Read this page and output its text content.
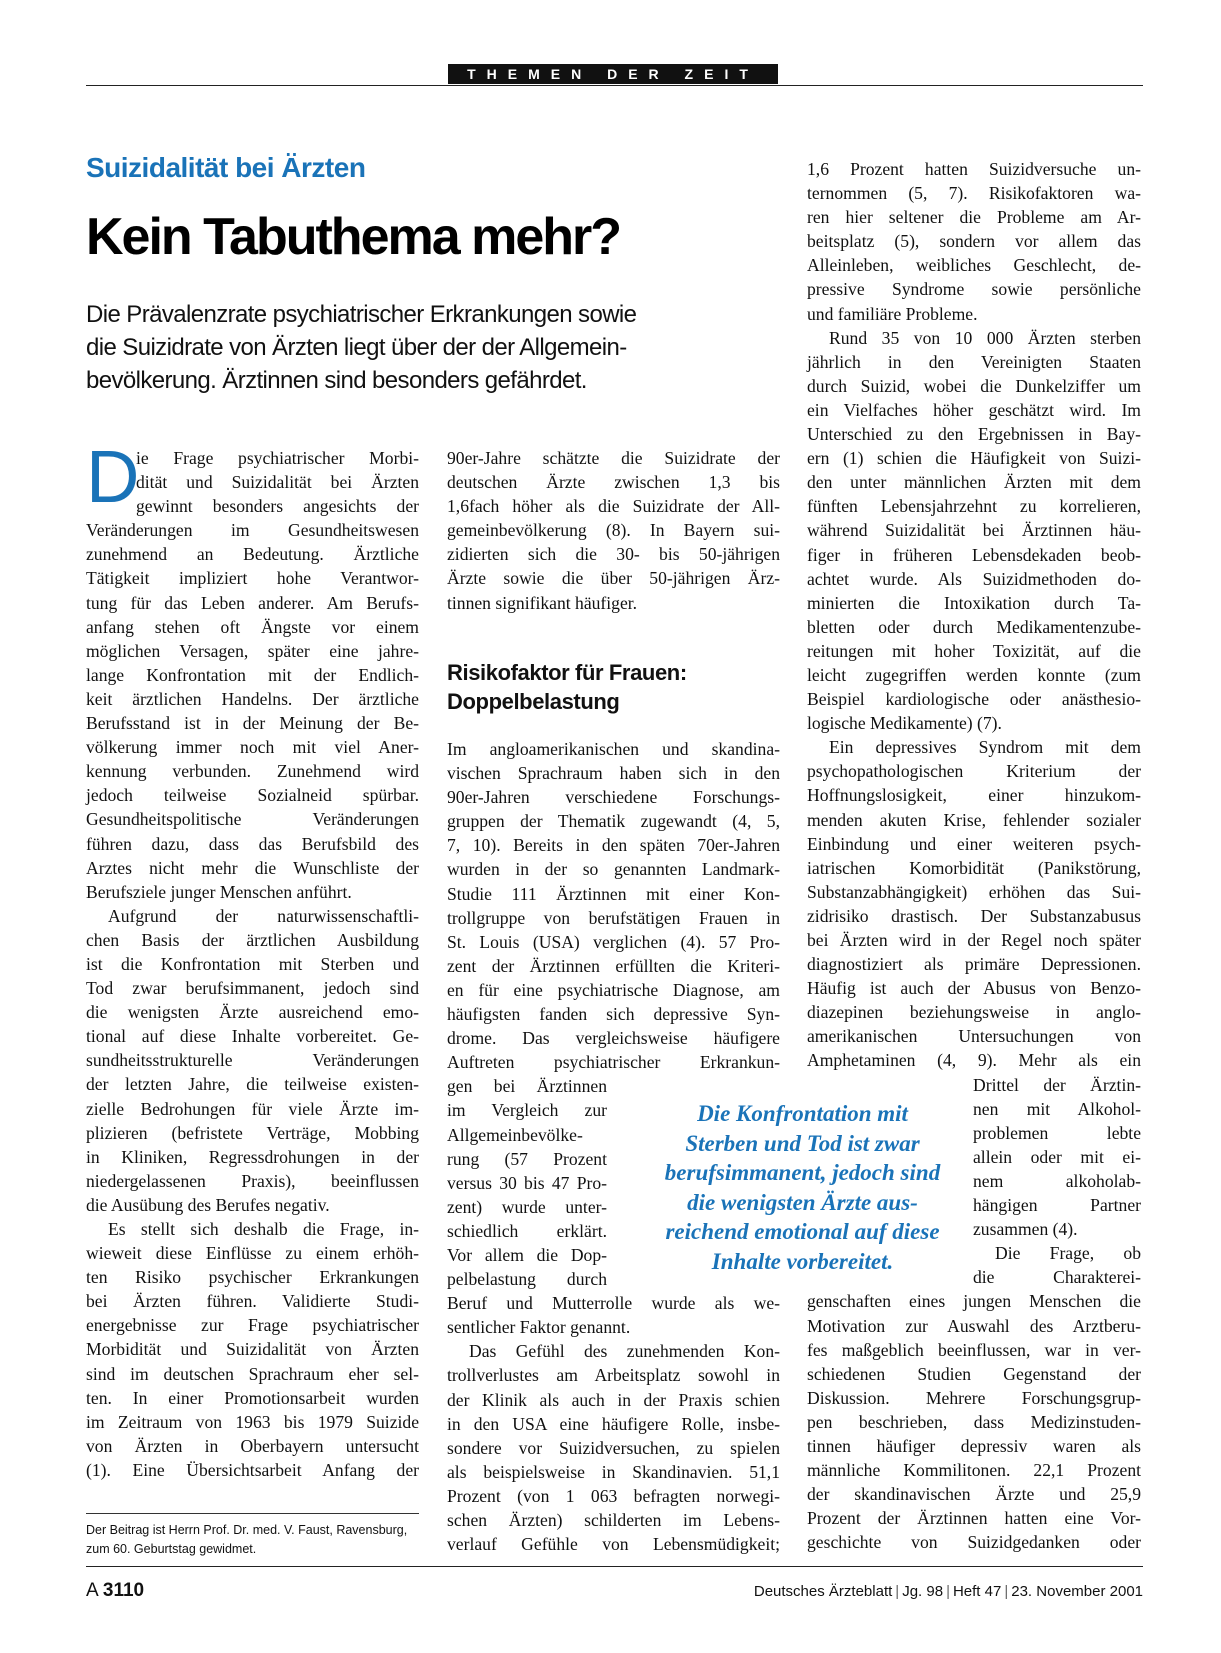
THEMEN DER ZEIT
Suizidalität bei Ärzten
Kein Tabuthema mehr?
Die Prävalenzrate psychiatrischer Erkrankungen sowie
die Suizidrate von Ärzten liegt über der der Allgemein-
bevölkerung. Ärztinnen sind besonders gefährdet.
D
ie Frage psychiatrischer Morbi-
dität und Suizidalität bei Ärzten
gewinnt besonders angesichts der
Veränderungen im Gesundheitswesen
zunehmend an Bedeutung. Ärztliche
Tätigkeit impliziert hohe Verantwor-
tung für das Leben anderer. Am Berufs-
anfang stehen oft Ängste vor einem
möglichen Versagen, später eine jahre-
lange Konfrontation mit der Endlich-
keit ärztlichen Handelns. Der ärztliche
Berufsstand ist in der Meinung der Be-
völkerung immer noch mit viel Aner-
kennung verbunden. Zunehmend wird
jedoch teilweise Sozialneid spürbar.
Gesundheitspolitische Veränderungen
führen dazu, dass das Berufsbild des
Arztes nicht mehr die Wunschliste der
Berufsziele junger Menschen anführt.
Aufgrund der naturwissenschaftli-
chen Basis der ärztlichen Ausbildung
ist die Konfrontation mit Sterben und
Tod zwar berufsimmanent, jedoch sind
die wenigsten Ärzte ausreichend emo-
tional auf diese Inhalte vorbereitet. Ge-
sundheitsstrukturelle Veränderungen
der letzten Jahre, die teilweise existen-
zielle Bedrohungen für viele Ärzte im-
plizieren (befristete Verträge, Mobbing
in Kliniken, Regressdrohungen in der
niedergelassenen Praxis), beeinflussen
die Ausübung des Berufes negativ.
Es stellt sich deshalb die Frage, in-
wieweit diese Einflüsse zu einem erhöh-
ten Risiko psychischer Erkrankungen
bei Ärzten führen. Validierte Studi-
energebnisse zur Frage psychiatrischer
Morbidität und Suizidalität von Ärzten
sind im deutschen Sprachraum eher sel-
ten. In einer Promotionsarbeit wurden
im Zeitraum von 1963 bis 1979 Suizide
von Ärzten in Oberbayern untersucht
(1). Eine Übersichtsarbeit Anfang der
90er-Jahre schätzte die Suizidrate der
deutschen Ärzte zwischen 1,3 bis
1,6fach höher als die Suizidrate der All-
gemeinbevölkerung (8). In Bayern sui-
zidierten sich die 30- bis 50-jährigen
Ärzte sowie die über 50-jährigen Ärz-
tinnen signifikant häufiger.
Risikofaktor für Frauen:
Doppelbelastung
Im angloamerikanischen und skandina-
vischen Sprachraum haben sich in den
90er-Jahren verschiedene Forschungs-
gruppen der Thematik zugewandt (4, 5,
7, 10). Bereits in den späten 70er-Jahren
wurden in der so genannten Landmark-
Studie 111 Ärztinnen mit einer Kon-
trollgruppe von berufstätigen Frauen in
St. Louis (USA) verglichen (4). 57 Pro-
zent der Ärztinnen erfüllten die Kriteri-
en für eine psychiatrische Diagnose, am
häufigsten fanden sich depressive Syn-
drome. Das vergleichsweise häufigere
Auftreten psychiatrischer Erkrankun-
gen bei Ärztinnen
im Vergleich zur
Allgemeinbevölke-
rung (57 Prozent
versus 30 bis 47 Pro-
zent) wurde unter-
schiedlich erklärt.
Vor allem die Dop-
pelbelastung durch
Beruf und Mutterrolle wurde als we-
sentlicher Faktor genannt.
Das Gefühl des zunehmenden Kon-
trollverlustes am Arbeitsplatz sowohl in
der Klinik als auch in der Praxis schien
in den USA eine häufigere Rolle, insbe-
sondere vor Suizidversuchen, zu spielen
als beispielsweise in Skandinavien. 51,1
Prozent (von 1 063 befragten norwegi-
schen Ärzten) schilderten im Lebens-
verlauf Gefühle von Lebensmüdigkeit;
1,6 Prozent hatten Suizidversuche un-
ternommen (5, 7). Risikofaktoren wa-
ren hier seltener die Probleme am Ar-
beitsplatz (5), sondern vor allem das
Alleinleben, weibliches Geschlecht, de-
pressive Syndrome sowie persönliche
und familiäre Probleme.
Rund 35 von 10 000 Ärzten sterben
jährlich in den Vereinigten Staaten
durch Suizid, wobei die Dunkelziffer um
ein Vielfaches höher geschätzt wird. Im
Unterschied zu den Ergebnissen in Bay-
ern (1) schien die Häufigkeit von Suizi-
den unter männlichen Ärzten mit dem
fünften Lebensjahrzehnt zu korrelieren,
während Suizidalität bei Ärztinnen häu-
figer in früheren Lebensdekaden beob-
achtet wurde. Als Suizidmethoden do-
minierten die Intoxikation durch Ta-
bletten oder durch Medikamentenzube-
reitungen mit hoher Toxizität, auf die
leicht zugegriffen werden konnte (zum
Beispiel kardiologische oder anästhesio-
logische Medikamente) (7).
Ein depressives Syndrom mit dem
psychopathologischen Kriterium der
Hoffnungslosigkeit, einer hinzukom-
menden akuten Krise, fehlender sozialer
Einbindung und einer weiteren psych-
iatrischen Komorbidität (Panikstörung,
Substanzabhängigkeit) erhöhen das Sui-
zidrisiko drastisch. Der Substanzabusus
bei Ärzten wird in der Regel noch später
diagnostiziert als primäre Depressionen.
Häufig ist auch der Abusus von Benzo-
diazepinen beziehungsweise in anglo-
amerikanischen Untersuchungen von
Amphetaminen (4, 9). Mehr als ein
Drittel der Ärztin-
nen mit Alkohol-
problemen lebte
allein oder mit ei-
nem alkoholab-
hängigen Partner
zusammen (4).
Die Frage, ob
die Charakterei-
genschaften eines jungen Menschen die
Motivation zur Auswahl des Arztberu-
fes maßgeblich beeinflussen, war in ver-
schiedenen Studien Gegenstand der
Diskussion. Mehrere Forschungsgrup-
pen beschrieben, dass Medizinstuden-
tinnen häufiger depressiv waren als
männliche Kommilitonen. 22,1 Prozent
der skandinavischen Ärzte und 25,9
Prozent der Ärztinnen hatten eine Vor-
geschichte von Suizidgedanken oder
Die Konfrontation mit
Sterben und Tod ist zwar
berufsimmanent, jedoch sind
die wenigsten Ärzte aus-
reichend emotional auf diese
Inhalte vorbereitet.
Der Beitrag ist Herrn Prof. Dr. med. V. Faust, Ravensburg,
zum 60. Geburtstag gewidmet.
A 3110	Deutsches Ärzteblatt | Jg. 98 | Heft 47 | 23. November 2001
